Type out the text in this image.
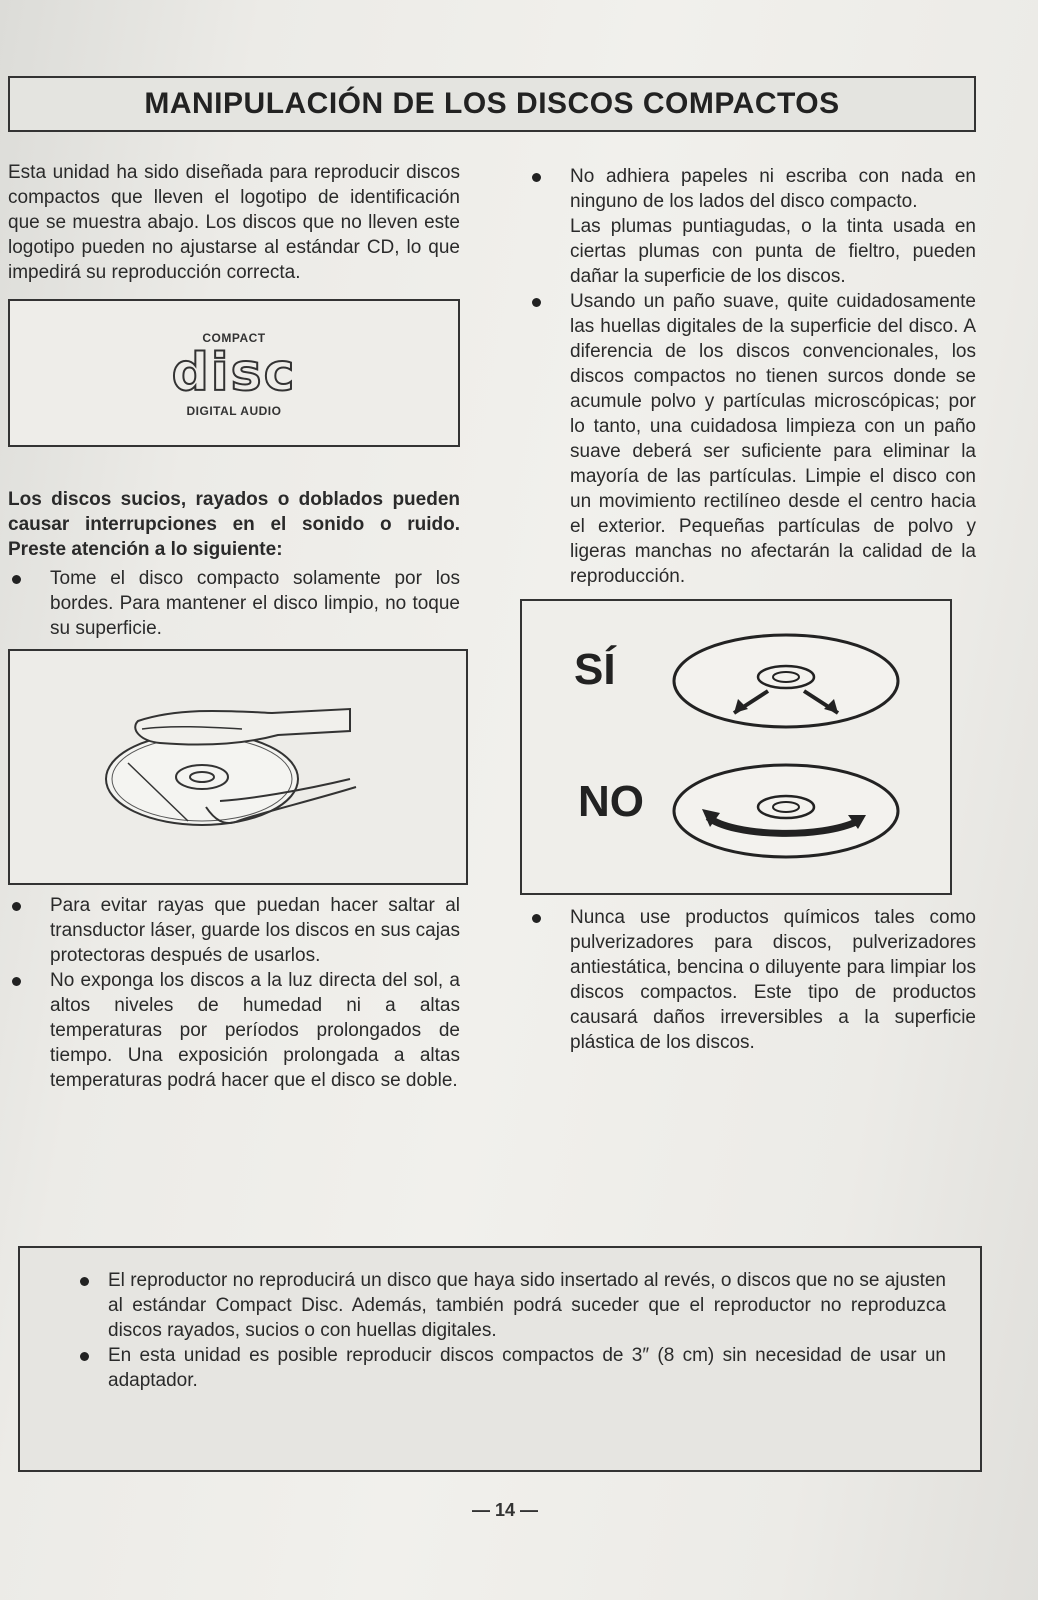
MANIPULACIÓN DE LOS DISCOS COMPACTOS

Esta unidad ha sido diseñada para reproducir discos compactos que lleven el logotipo de identificación que se muestra abajo. Los discos que no lleven este logotipo pueden no ajustarse al estándar CD, lo que impedirá su reproducción correcta.

COMPACT
disc
DIGITAL AUDIO

Los discos sucios, rayados o doblados pueden causar interrupciones en el sonido o ruido. Preste atención a lo siguiente:

Tome el disco compacto solamente por los bordes. Para mantener el disco limpio, no toque su superficie.
Para evitar rayas que puedan hacer saltar al transductor láser, guarde los discos en sus cajas protectoras después de usarlos.
No exponga los discos a la luz directa del sol, a altos niveles de humedad ni a altas temperaturas por períodos prolongados de tiempo. Una exposición prolongada a altas temperaturas podrá hacer que el disco se doble.
No adhiera papeles ni escriba con nada en ninguno de los lados del disco compacto.
Las plumas puntiagudas, o la tinta usada en ciertas plumas con punta de fieltro, pueden dañar la superficie de los discos.
Usando un paño suave, quite cuidadosamente las huellas digitales de la superficie del disco. A diferencia de los discos convencionales, los discos compactos no tienen surcos donde se acumule polvo y partículas microscópicas; por lo tanto, una cuidadosa limpieza con un paño suave deberá ser suficiente para eliminar la mayoría de las partículas. Limpie el disco con un movimiento rectilíneo desde el centro hacia el exterior. Pequeñas partículas de polvo y ligeras manchas no afectarán la calidad de la reproducción.
SÍ
NO
Nunca use productos químicos tales como pulverizadores para discos, pulverizadores antiestática, bencina o diluyente para limpiar los discos compactos. Este tipo de productos causará daños irreversibles a la superficie plástica de los discos.
El reproductor no reproducirá un disco que haya sido insertado al revés, o discos que no se ajusten al estándar Compact Disc. Además, también podrá suceder que el reproductor no reproduzca discos rayados, sucios o con huellas digitales.
En esta unidad es posible reproducir discos compactos de 3″ (8 cm) sin necesidad de usar un adaptador.
— 14 —
